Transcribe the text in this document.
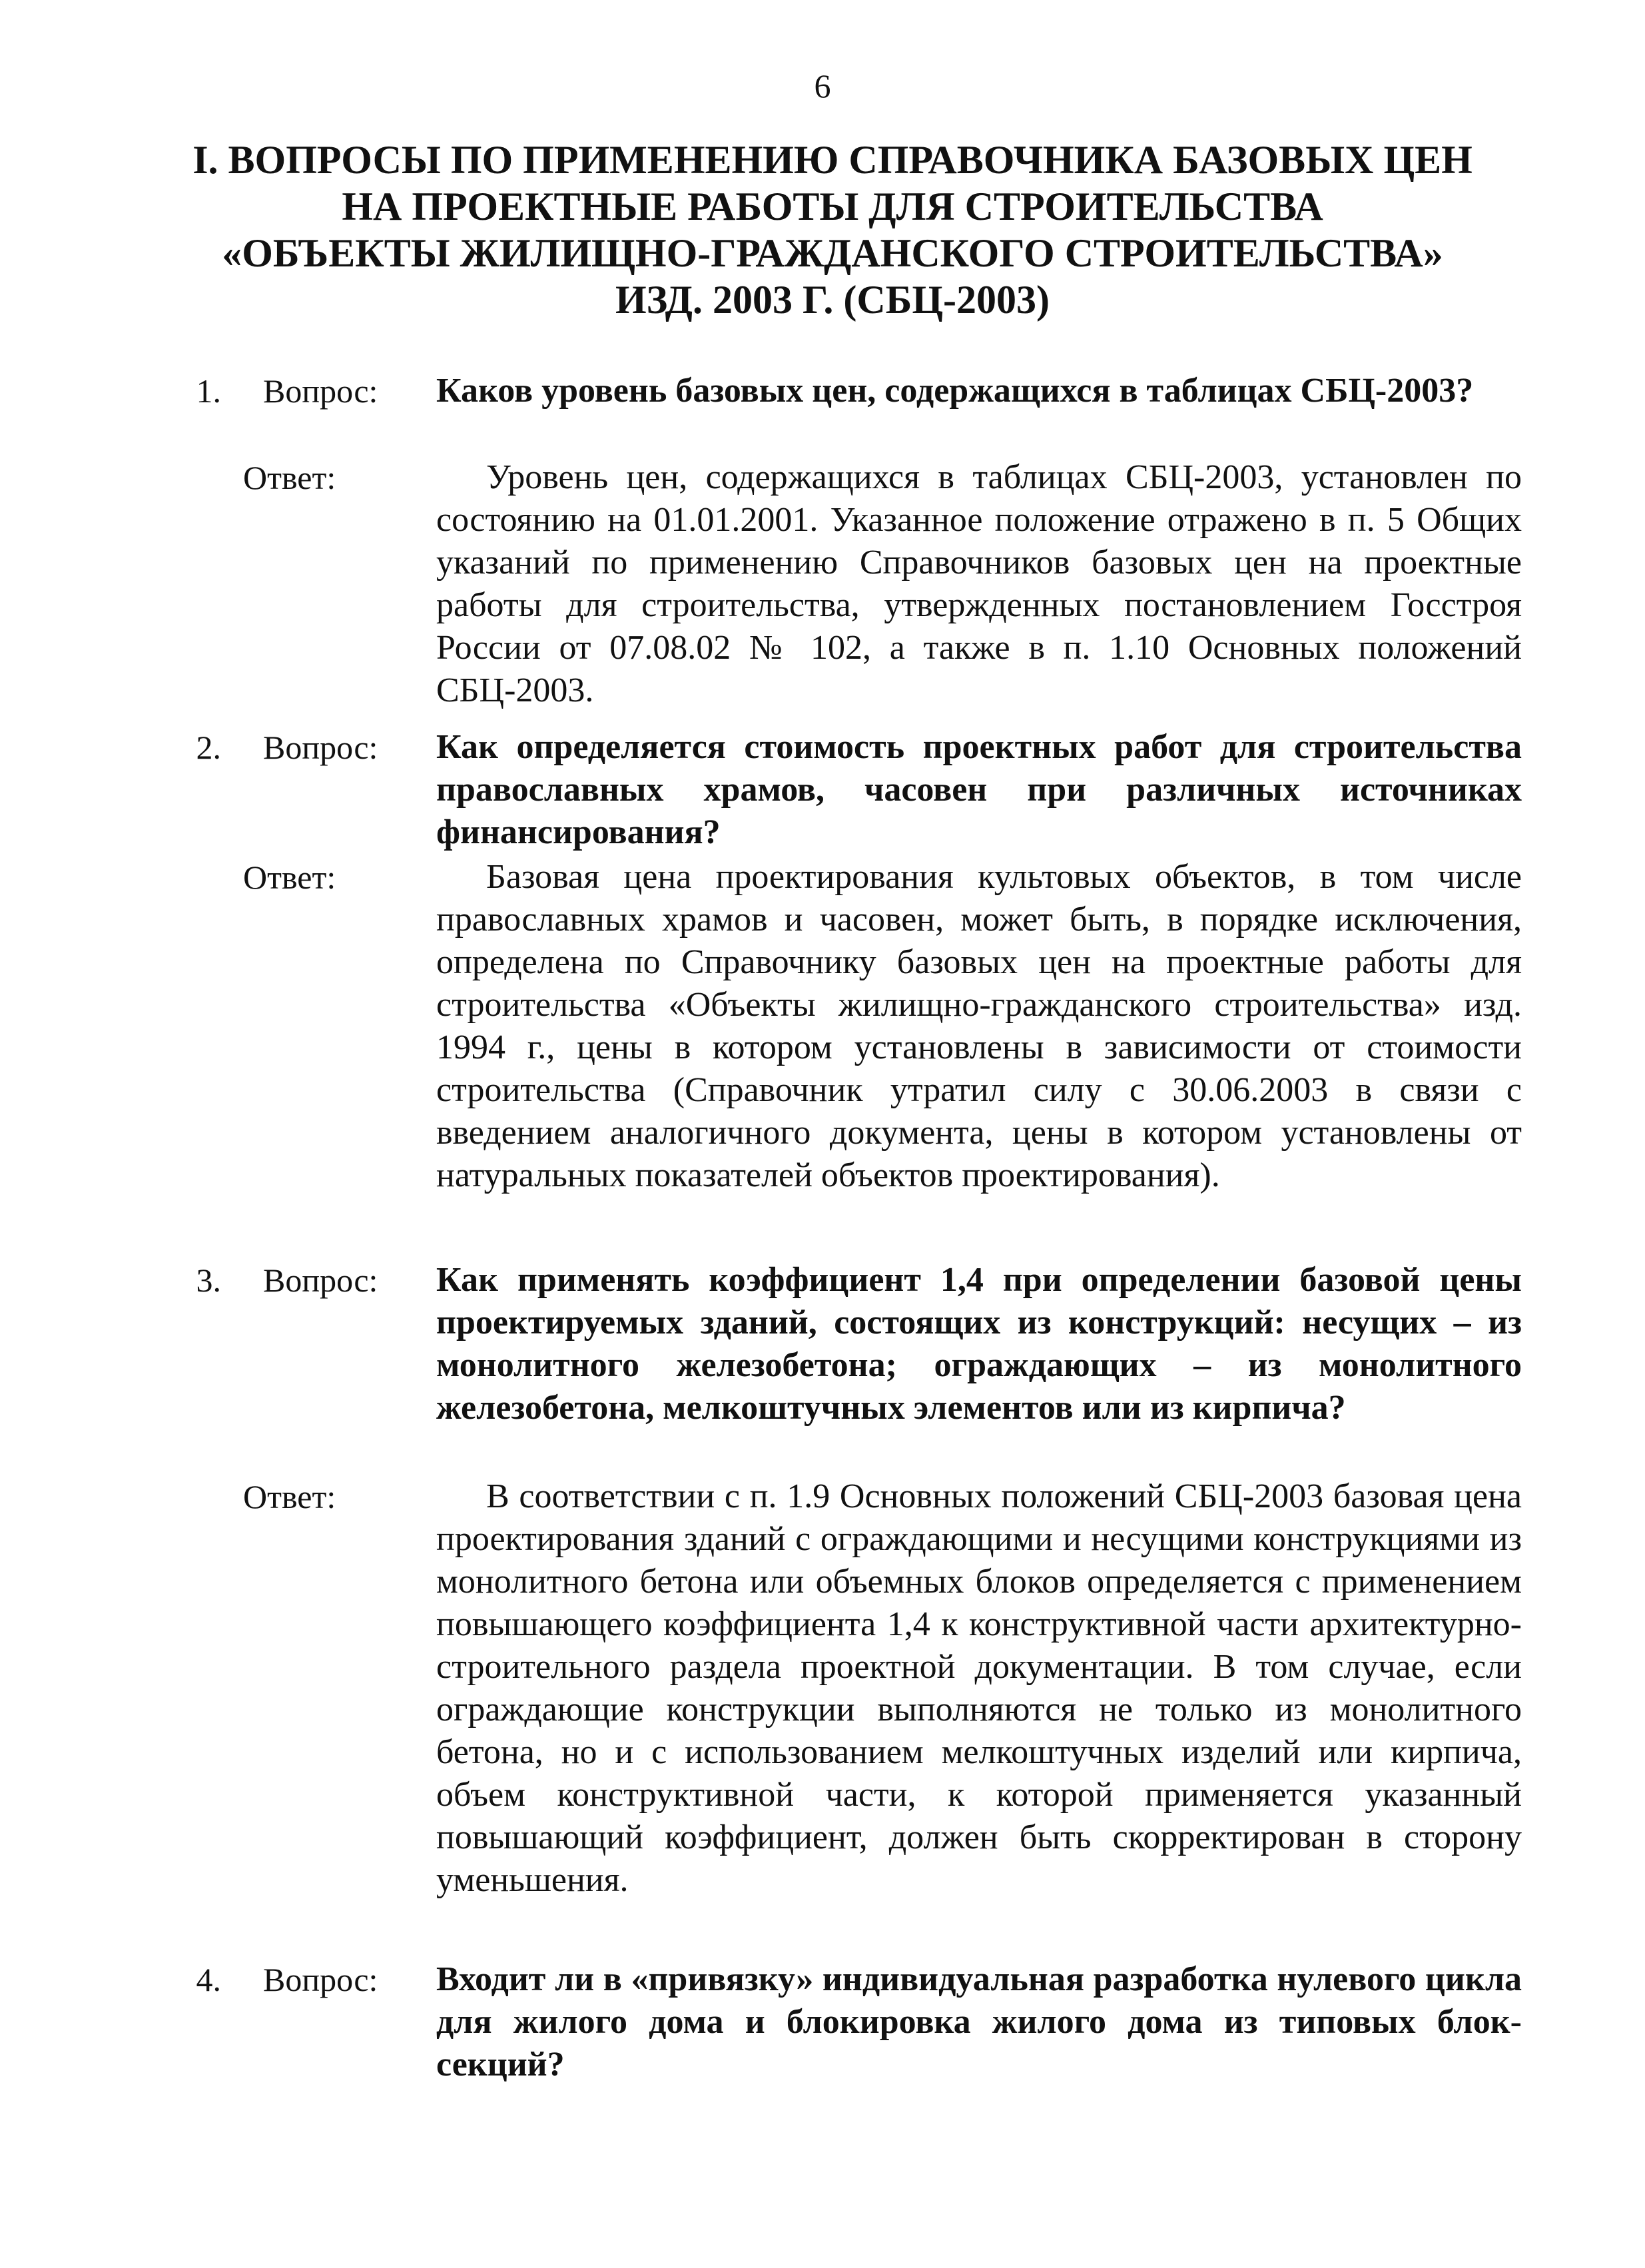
6
I. ВОПРОСЫ ПО ПРИМЕНЕНИЮ СПРАВОЧНИКА БАЗОВЫХ ЦЕН
НА ПРОЕКТНЫЕ РАБОТЫ ДЛЯ СТРОИТЕЛЬСТВА
«ОБЪЕКТЫ ЖИЛИЩНО-ГРАЖДАНСКОГО СТРОИТЕЛЬСТВА»
ИЗД. 2003 Г. (СБЦ-2003)
1. Вопрос: Каков уровень базовых цен, содержащихся в таблицах СБЦ-2003?

Ответ:	Уровень цен, содержащихся в таблицах СБЦ-2003, установлен по состоянию на 01.01.2001. Указанное положение отражено в п. 5 Общих указаний по применению Справочников базовых цен на проектные работы для строительства, утвержденных постановлением Госстроя России от 07.08.02 № 102, а также в п. 1.10 Основных положений СБЦ-2003.

2. Вопрос: Как определяется стоимость проектных работ для строительства православных храмов, часовен при различных источниках финансирования?

Ответ:	Базовая цена проектирования культовых объектов, в том числе православных храмов и часовен, может быть, в порядке исключения, определена по Справочнику базовых цен на проектные работы для строительства «Объекты жилищно-гражданского строительства» изд. 1994 г., цены в котором установлены в зависимости от стоимости строительства (Справочник утратил силу с 30.06.2003 в связи с введением аналогичного документа, цены в котором установлены от натуральных показателей объектов проектирования).

3. Вопрос: Как применять коэффициент 1,4 при определении базовой цены проектируемых зданий, состоящих из конструкций: несущих – из монолитного железобетона; ограждающих – из монолитного железобетона, мелкоштучных элементов или из кирпича?

Ответ:	В соответствии с п. 1.9 Основных положений СБЦ-2003 базовая цена проектирования зданий с ограждающими и несущими конструкциями из монолитного бетона или объемных блоков определяется с применением повышающего коэффициента 1,4 к конструктивной части архитектурно-строительного раздела проектной документации. В том случае, если ограждающие конструкции выполняются не только из монолитного бетона, но и с использованием мелкоштучных изделий или кирпича, объем конструктивной части, к которой применяется указанный повышающий коэффициент, должен быть скорректирован в сторону уменьшения.

4. Вопрос: Входит ли в «привязку» индивидуальная разработка нулевого цикла для жилого дома и блокировка жилого дома из типовых блок-секций?
